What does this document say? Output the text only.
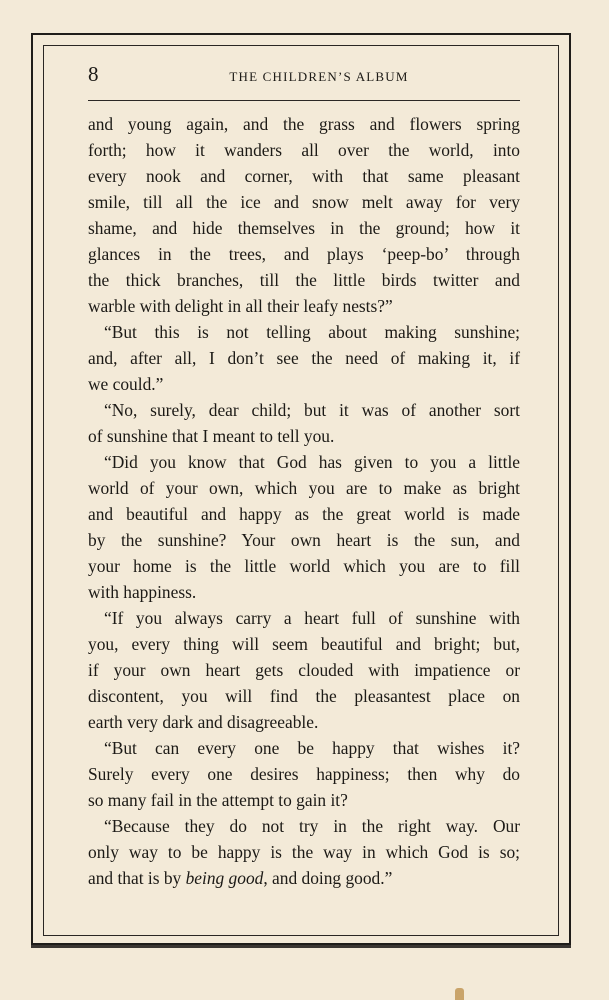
8	THE CHILDREN’S ALBUM
and young again, and the grass and flowers spring
forth; how it wanders all over the world, into
every nook and corner, with that same pleasant
smile, till all the ice and snow melt away for very
shame, and hide themselves in the ground; how it
glances in the trees, and plays ‘peep-bo’ through
the thick branches, till the little birds twitter and
warble with delight in all their leafy nests?”
“But this is not telling about making sunshine;
and, after all, I don’t see the need of making it, if
we could.”
“No, surely, dear child; but it was of another sort
of sunshine that I meant to tell you.
“Did you know that God has given to you a little
world of your own, which you are to make as bright
and beautiful and happy as the great world is made
by the sunshine? Your own heart is the sun, and
your home is the little world which you are to fill
with happiness.
“If you always carry a heart full of sunshine with
you, every thing will seem beautiful and bright; but,
if your own heart gets clouded with impatience or
discontent, you will find the pleasantest place on
earth very dark and disagreeable.
“But can every one be happy that wishes it?
Surely every one desires happiness; then why do
so many fail in the attempt to gain it?
“Because they do not try in the right way. Our
only way to be happy is the way in which God is so;
and that is by being good, and doing good.”
